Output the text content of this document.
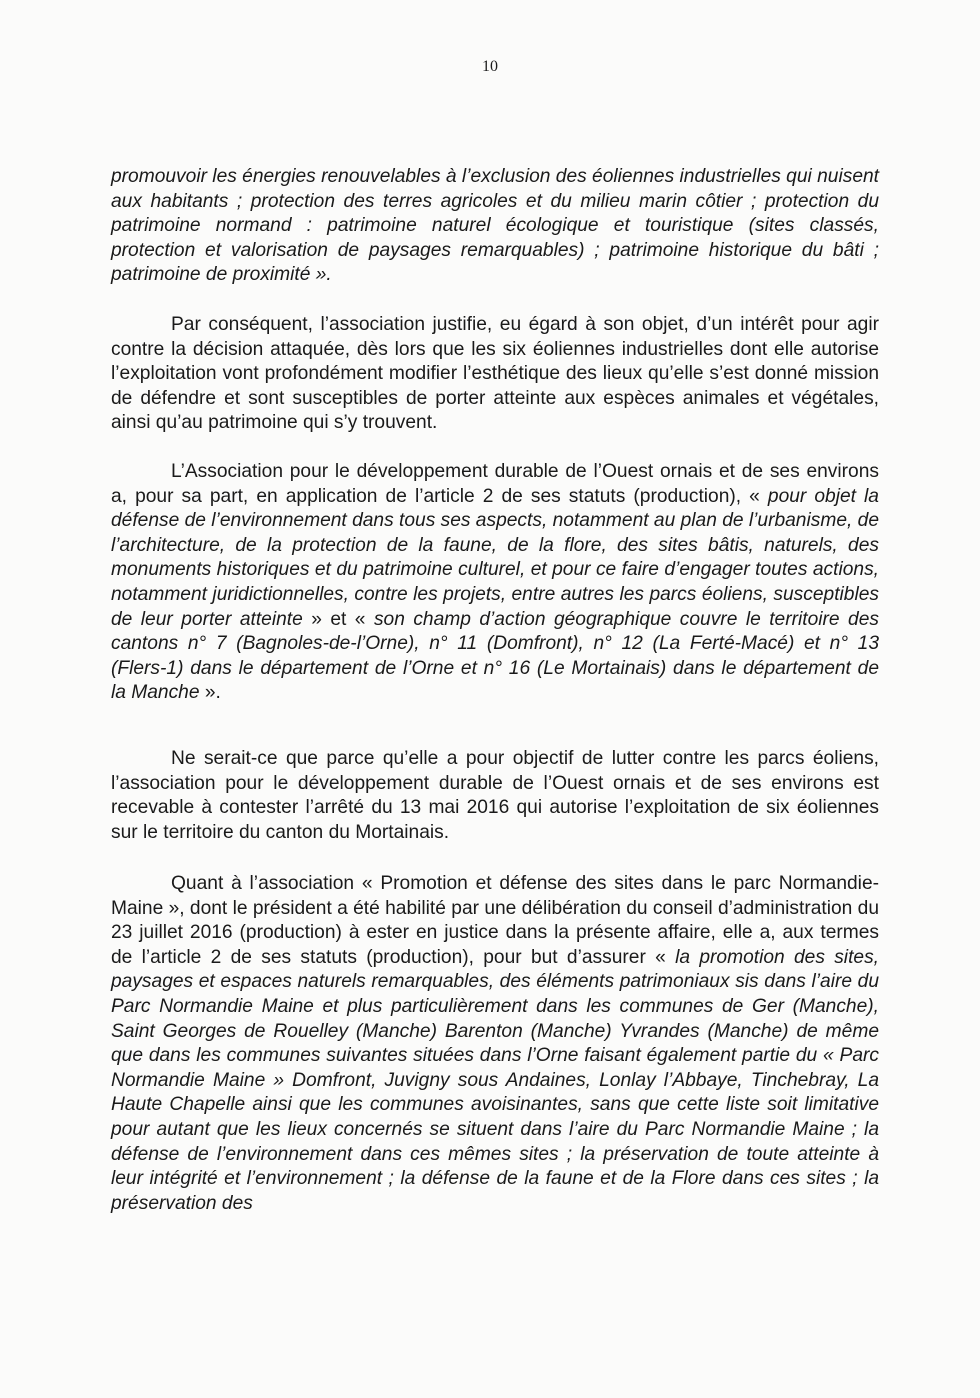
10

promouvoir les énergies renouvelables à l’exclusion des éoliennes industrielles qui nuisent aux habitants ; protection des terres agricoles et du milieu marin côtier ; protection du patrimoine normand : patrimoine naturel écologique et touristique (sites classés, protection et valorisation de paysages remarquables) ; patrimoine historique du bâti ; patrimoine de proximité ».

Par conséquent, l’association justifie, eu égard à son objet, d’un intérêt pour agir contre la décision attaquée, dès lors que les six éoliennes industrielles dont elle autorise l’exploitation vont profondément modifier l’esthétique des lieux qu’elle s’est donné mission de défendre et sont susceptibles de porter atteinte aux espèces animales et végétales, ainsi qu’au patrimoine qui s’y trouvent.

L’Association pour le développement durable de l’Ouest ornais et de ses environs a, pour sa part, en application de l’article 2 de ses statuts (production), « pour objet la défense de l’environnement dans tous ses aspects, notamment au plan de l’urbanisme, de l’architecture, de la protection de la faune, de la flore, des sites bâtis, naturels, des monuments historiques et du patrimoine culturel, et pour ce faire d’engager toutes actions, notamment juridictionnelles, contre les projets, entre autres les parcs éoliens, susceptibles de leur porter atteinte » et « son champ d’action géographique couvre le territoire des cantons n° 7 (Bagnoles-de-l’Orne), n° 11 (Domfront), n° 12 (La Ferté-Macé) et n° 13 (Flers-1) dans le département de l’Orne et n° 16 (Le Mortainais) dans le département de la Manche ».

Ne serait-ce que parce qu’elle a pour objectif de lutter contre les parcs éoliens, l’association pour le développement durable de l’Ouest ornais et de ses environs est recevable à contester l’arrêté du 13 mai 2016 qui autorise l’exploitation de six éoliennes sur le territoire du canton du Mortainais.

Quant à l’association « Promotion et défense des sites dans le parc Normandie-Maine », dont le président a été habilité par une délibération du conseil d’administration du 23 juillet 2016 (production) à ester en justice dans la présente affaire, elle a, aux termes de l’article 2 de ses statuts (production), pour but d’assurer « la promotion des sites, paysages et espaces naturels remarquables, des éléments patrimoniaux sis dans l’aire du Parc Normandie Maine et plus particulièrement dans les communes de Ger (Manche), Saint Georges de Rouelley (Manche) Barenton (Manche) Yvrandes (Manche) de même que dans les communes suivantes situées dans l’Orne faisant également partie du « Parc Normandie Maine » Domfront, Juvigny sous Andaines, Lonlay l’Abbaye, Tinchebray, La Haute Chapelle ainsi que les communes avoisinantes, sans que cette liste soit limitative pour autant que les lieux concernés se situent dans l’aire du Parc Normandie Maine ; la défense de l’environnement dans ces mêmes sites ; la préservation de toute atteinte à leur intégrité et l’environnement ; la défense de la faune et de la Flore dans ces sites ; la préservation des
